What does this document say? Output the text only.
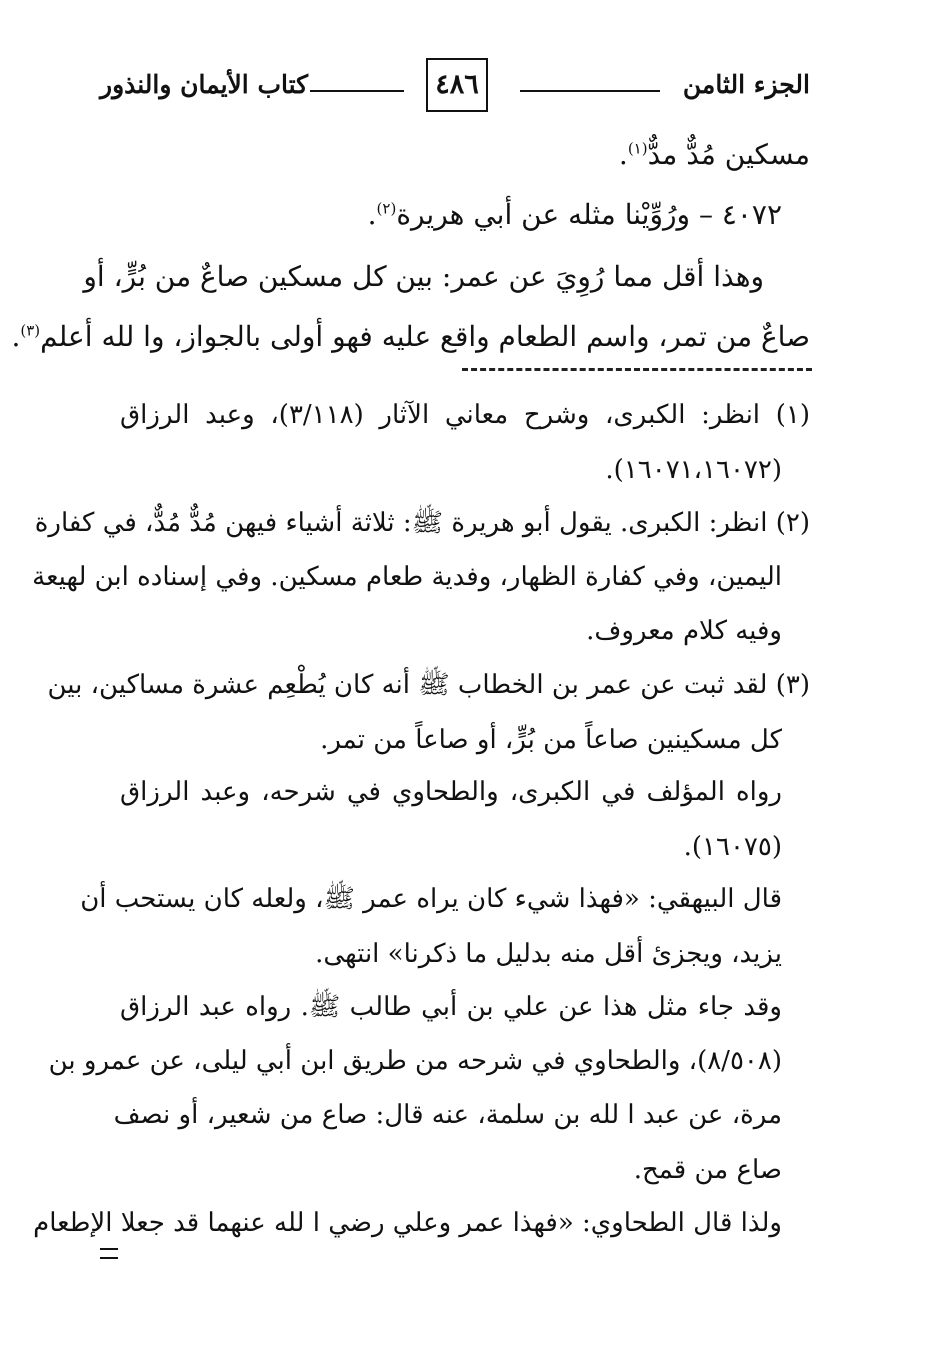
الجزء الثامن
٤٨٦
كتاب الأيمان والنذور
مسكين مُدٌّ مدٌّ$^{(١)}$.
٤٠٧٢ – ورُوِّيْنا مثله عن أبي هريرة$^{(٢)}$.
وهذا أقل مما رُوِيَ عن عمر: بين كل مسكين صاعٌ من بُرٍّ، أو
صاعٌ من تمر، واسم الطعام واقع عليه فهو أولى بالجواز، وا لله أعلم$^{(٣)}$.
(١) انظر: الكبرى، وشرح معاني الآثار (٣/١١٨)، وعبد الرزاق
(١٦٠٧١،١٦٠٧٢).
(٢) انظر: الكبرى. يقول أبو هريرة ﷺ: ثلاثة أشياء فيهن مُدٌّ مُدٌّ، في كفارة
اليمين، وفي كفارة الظهار، وفدية طعام مسكين. وفي إسناده ابن لهيعة
وفيه كلام معروف.
(٣) لقد ثبت عن عمر بن الخطاب ﷺ أنه كان يُطْعِم عشرة مساكين، بين
كل مسكينين صاعاً من بُرٍّ، أو صاعاً من تمر.
رواه المؤلف في الكبرى، والطحاوي في شرحه، وعبد الرزاق
(١٦٠٧٥).
قال البيهقي: «فهذا شيء كان يراه عمر ﷺ، ولعله كان يستحب أن
يزيد، ويجزئ أقل منه بدليل ما ذكرنا» انتهى.
وقد جاء مثل هذا عن علي بن أبي طالب ﷺ. رواه عبد الرزاق
(٨/٥٠٨)، والطحاوي في شرحه من طريق ابن أبي ليلى، عن عمرو بن
مرة، عن عبد ا لله بن سلمة، عنه قال: صاع من شعير، أو نصف
صاع من قمح.
ولذا قال الطحاوي: «فهذا عمر وعلي رضي ا لله عنهما قد جعلا الإطعام
